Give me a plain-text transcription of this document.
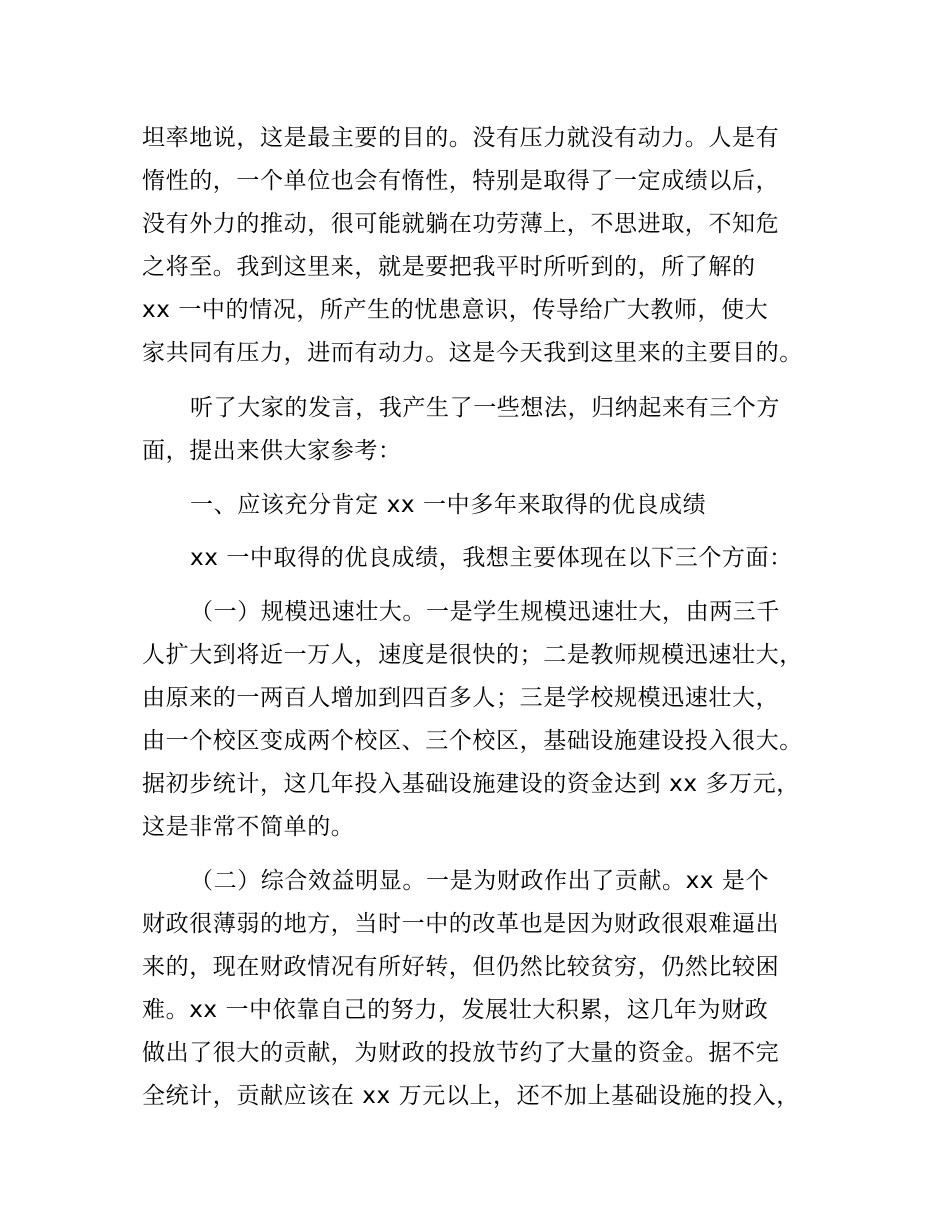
坦率地说，这是最主要的目的。没有压力就没有动力。人是有
惰性的，一个单位也会有惰性，特别是取得了一定成绩以后，
没有外力的推动，很可能就躺在功劳薄上，不思进取，不知危
之将至。我到这里来，就是要把我平时所听到的，所了解的
xx 一中的情况，所产生的忧患意识，传导给广大教师，使大
家共同有压力，进而有动力。这是今天我到这里来的主要目的。
听了大家的发言，我产生了一些想法，归纳起来有三个方
面，提出来供大家参考：
一、应该充分肯定 xx 一中多年来取得的优良成绩
xx 一中取得的优良成绩，我想主要体现在以下三个方面：
（一）规模迅速壮大。一是学生规模迅速壮大，由两三千
人扩大到将近一万人，速度是很快的；二是教师规模迅速壮大，
由原来的一两百人增加到四百多人；三是学校规模迅速壮大，
由一个校区变成两个校区、三个校区，基础设施建设投入很大。
据初步统计，这几年投入基础设施建设的资金达到 xx 多万元，
这是非常不简单的。
（二）综合效益明显。一是为财政作出了贡献。xx 是个
财政很薄弱的地方，当时一中的改革也是因为财政很艰难逼出
来的，现在财政情况有所好转，但仍然比较贫穷，仍然比较困
难。xx 一中依靠自己的努力，发展壮大积累，这几年为财政
做出了很大的贡献，为财政的投放节约了大量的资金。据不完
全统计，贡献应该在 xx 万元以上，还不加上基础设施的投入，
